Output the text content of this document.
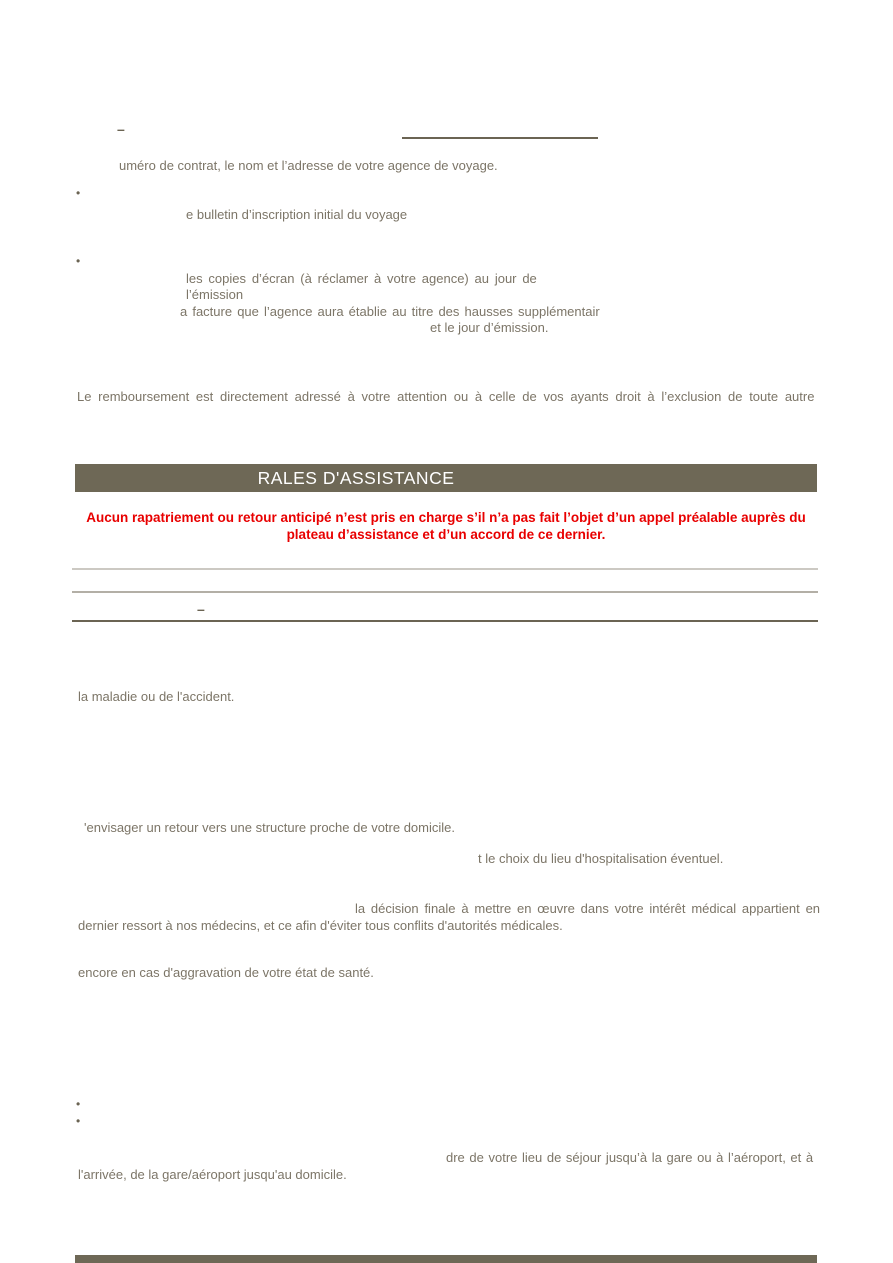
–
uméro de contrat, le nom et l’adresse de votre agence de voyage.
•
e bulletin d’inscription initial du voyage
•
les copies d’écran (à réclamer à votre agence) au jour de
l’émission
a facture que l’agence aura établie au titre des hausses supplémentair
et le jour d’émission.
Le remboursement est directement adressé à votre attention ou à celle de vos ayants droit à l’exclusion de toute autre
RALES D'ASSISTANCE
Aucun rapatriement ou retour anticipé n’est pris en charge s’il n’a pas fait l’objet d’un appel préalable auprès du
plateau d’assistance et d’un accord de ce dernier.
–
la maladie ou de l'accident.
'envisager un retour vers une structure proche de votre domicile.
t le choix du lieu d'hospitalisation éventuel.
la décision finale à mettre en œuvre dans votre intérêt médical appartient en
dernier ressort à nos médecins, et ce afin d'éviter tous conflits d'autorités médicales.
encore en cas d'aggravation de votre état de santé.
•
•
dre de votre lieu de séjour jusqu’à la gare ou à l’aéroport, et à
l'arrivée, de la gare/aéroport jusqu'au domicile.
